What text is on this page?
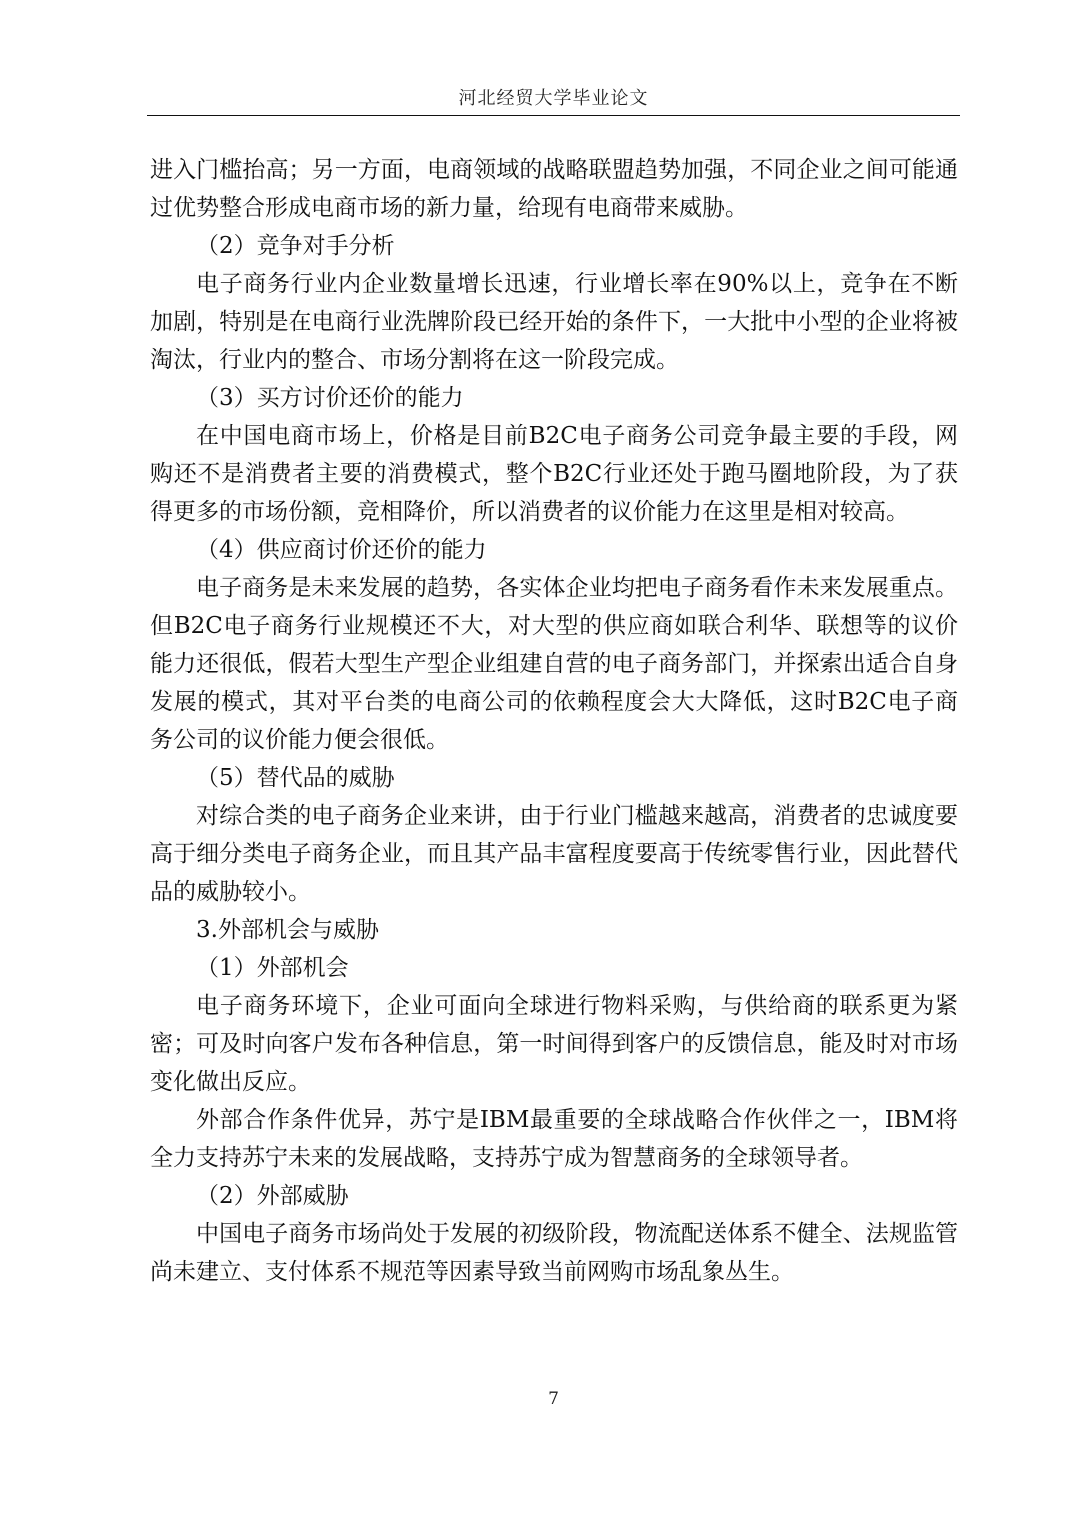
河北经贸大学毕业论文

进入门槛抬高；另一方面，电商领域的战略联盟趋势加强，不同企业之间可能通过优势整合形成电商市场的新力量，给现有电商带来威胁。

（2）竞争对手分析

电子商务行业内企业数量增长迅速，行业增长率在90%以上，竞争在不断加剧，特别是在电商行业洗牌阶段已经开始的条件下，一大批中小型的企业将被淘汰，行业内的整合、市场分割将在这一阶段完成。

（3）买方讨价还价的能力

在中国电商市场上，价格是目前B2C电子商务公司竞争最主要的手段，网购还不是消费者主要的消费模式，整个B2C行业还处于跑马圈地阶段，为了获得更多的市场份额，竞相降价，所以消费者的议价能力在这里是相对较高。

（4）供应商讨价还价的能力

电子商务是未来发展的趋势，各实体企业均把电子商务看作未来发展重点。但B2C电子商务行业规模还不大，对大型的供应商如联合利华、联想等的议价能力还很低，假若大型生产型企业组建自营的电子商务部门，并探索出适合自身发展的模式，其对平台类的电商公司的依赖程度会大大降低，这时B2C电子商务公司的议价能力便会很低。

（5）替代品的威胁

对综合类的电子商务企业来讲，由于行业门槛越来越高，消费者的忠诚度要高于细分类电子商务企业，而且其产品丰富程度要高于传统零售行业，因此替代品的威胁较小。

3.外部机会与威胁

（1）外部机会

电子商务环境下，企业可面向全球进行物料采购，与供给商的联系更为紧密；可及时向客户发布各种信息，第一时间得到客户的反馈信息，能及时对市场变化做出反应。

外部合作条件优异，苏宁是IBM最重要的全球战略合作伙伴之一，IBM将全力支持苏宁未来的发展战略，支持苏宁成为智慧商务的全球领导者。

（2）外部威胁

中国电子商务市场尚处于发展的初级阶段，物流配送体系不健全、法规监管尚未建立、支付体系不规范等因素导致当前网购市场乱象丛生。

7
